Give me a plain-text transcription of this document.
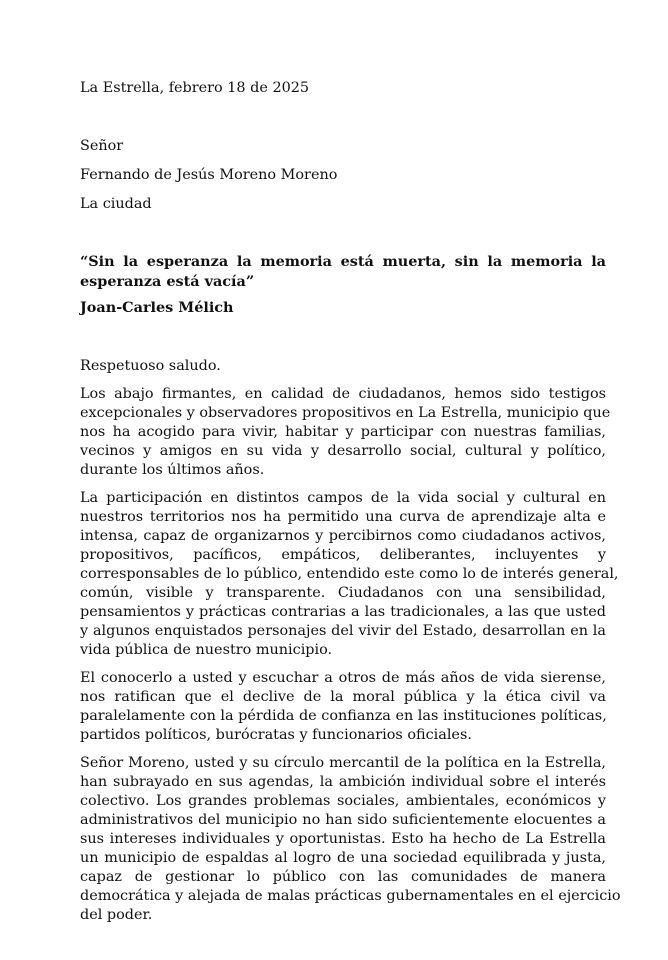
La Estrella, febrero 18 de 2025

Señor

Fernando de Jesús Moreno Moreno

La ciudad

“Sin la esperanza la memoria está muerta, sin la memoria la
esperanza está vacía”

Joan-Carles Mélich

Respetuoso saludo.

Los abajo firmantes, en calidad de ciudadanos, hemos sido testigos
excepcionales y observadores propositivos en La Estrella, municipio que
nos ha acogido para vivir, habitar y participar con nuestras familias,
vecinos y amigos en su vida y desarrollo social, cultural y político,
durante los últimos años.
La participación en distintos campos de la vida social y cultural en
nuestros territorios nos ha permitido una curva de aprendizaje alta e
intensa, capaz de organizarnos y percibirnos como ciudadanos activos,
propositivos, pacíficos, empáticos, deliberantes, incluyentes y
corresponsables de lo público, entendido este como lo de interés general,
común, visible y transparente. Ciudadanos con una sensibilidad,
pensamientos y prácticas contrarias a las tradicionales, a las que usted
y algunos enquistados personajes del vivir del Estado, desarrollan en la
vida pública de nuestro municipio.
El conocerlo a usted y escuchar a otros de más años de vida sierense,
nos ratifican que el declive de la moral pública y la ética civil va
paralelamente con la pérdida de confianza en las instituciones políticas,
partidos políticos, burócratas y funcionarios oficiales.
Señor Moreno, usted y su círculo mercantil de la política en la Estrella,
han subrayado en sus agendas, la ambición individual sobre el interés
colectivo. Los grandes problemas sociales, ambientales, económicos y
administrativos del municipio no han sido suficientemente elocuentes a
sus intereses individuales y oportunistas. Esto ha hecho de La Estrella
un municipio de espaldas al logro de una sociedad equilibrada y justa,
capaz de gestionar lo público con las comunidades de manera
democrática y alejada de malas prácticas gubernamentales en el ejercicio
del poder.
